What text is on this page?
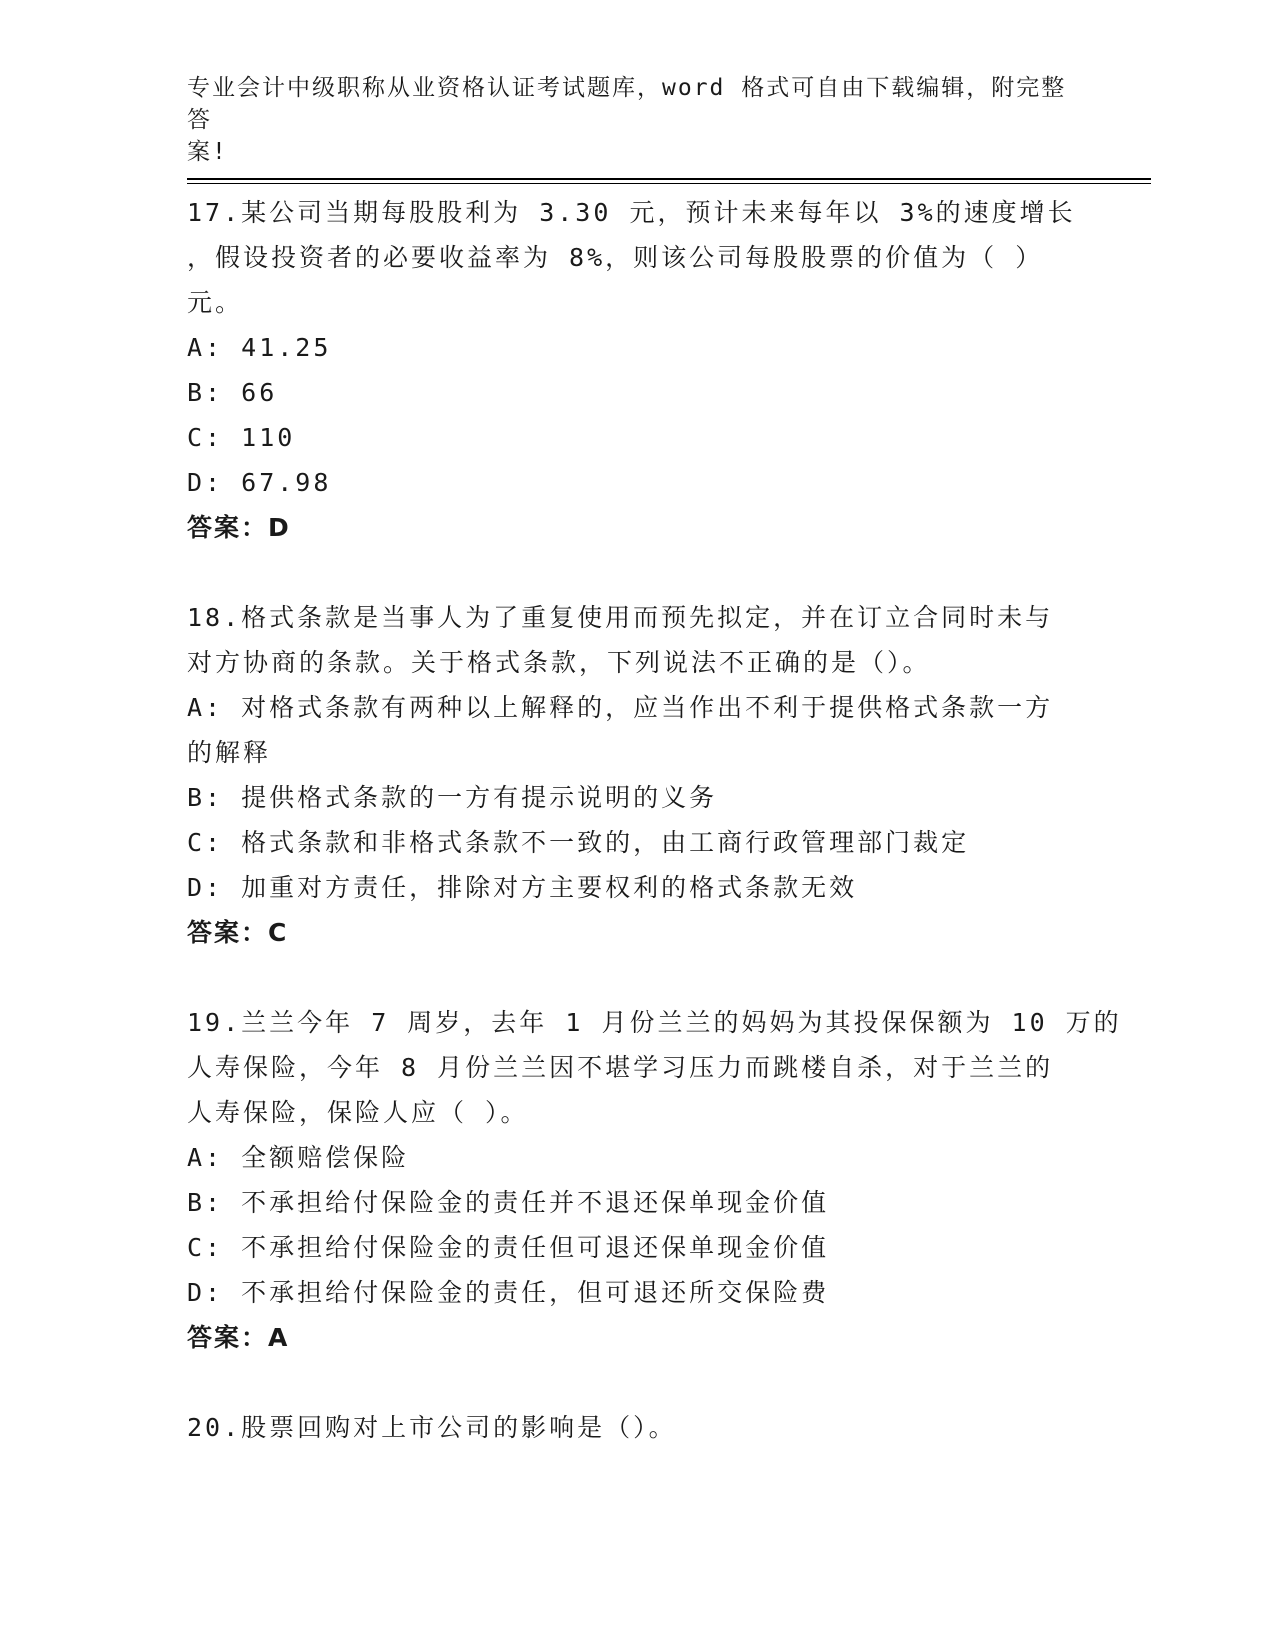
专业会计中级职称从业资格认证考试题库，word 格式可自由下载编辑，附完整答
案!
17.某公司当期每股股利为 3.30 元，预计未来每年以 3%的速度增长
，假设投资者的必要收益率为 8%，则该公司每股股票的价值为（ ）
元。
A: 41.25
B: 66
C: 110
D: 67.98
答案：D
18.格式条款是当事人为了重复使用而预先拟定，并在订立合同时未与
对方协商的条款。关于格式条款，下列说法不正确的是（）。
A: 对格式条款有两种以上解释的，应当作出不利于提供格式条款一方
的解释
B: 提供格式条款的一方有提示说明的义务
C: 格式条款和非格式条款不一致的，由工商行政管理部门裁定
D: 加重对方责任，排除对方主要权利的格式条款无效
答案：C
19.兰兰今年 7 周岁，去年 1 月份兰兰的妈妈为其投保保额为 10 万的
人寿保险，今年 8 月份兰兰因不堪学习压力而跳楼自杀，对于兰兰的
人寿保险，保险人应（ ）。
A: 全额赔偿保险
B: 不承担给付保险金的责任并不退还保单现金价值
C: 不承担给付保险金的责任但可退还保单现金价值
D: 不承担给付保险金的责任，但可退还所交保险费
答案：A
20.股票回购对上市公司的影响是（）。
